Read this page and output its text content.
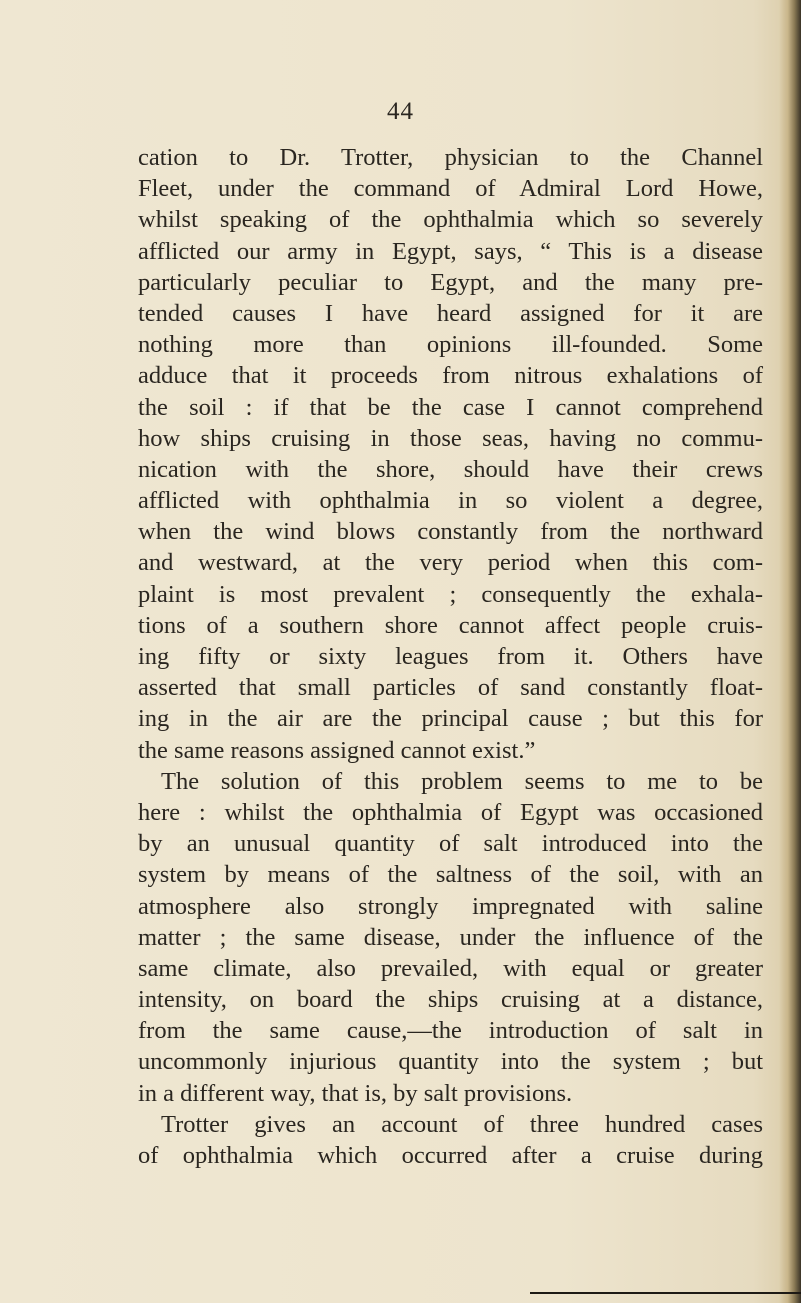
44
cation to Dr. Trotter, physician to the Channel
Fleet, under the command of Admiral Lord Howe,
whilst speaking of the ophthalmia which so severely
afflicted our army in Egypt, says, “ This is a disease
particularly peculiar to Egypt, and the many pre-
tended causes I have heard assigned for it are
nothing more than opinions ill-founded. Some
adduce that it proceeds from nitrous exhalations of
the soil : if that be the case I cannot comprehend
how ships cruising in those seas, having no commu-
nication with the shore, should have their crews
afflicted with ophthalmia in so violent a degree,
when the wind blows constantly from the northward
and westward, at the very period when this com-
plaint is most prevalent ; consequently the exhala-
tions of a southern shore cannot affect people cruis-
ing fifty or sixty leagues from it. Others have
asserted that small particles of sand constantly float-
ing in the air are the principal cause ; but this for
the same reasons assigned cannot exist.”
The solution of this problem seems to me to be
here : whilst the ophthalmia of Egypt was occasioned
by an unusual quantity of salt introduced into the
system by means of the saltness of the soil, with an
atmosphere also strongly impregnated with saline
matter ; the same disease, under the influence of the
same climate, also prevailed, with equal or greater
intensity, on board the ships cruising at a distance,
from the same cause,—the introduction of salt in
uncommonly injurious quantity into the system ; but
in a different way, that is, by salt provisions.
Trotter gives an account of three hundred cases
of ophthalmia which occurred after a cruise during
